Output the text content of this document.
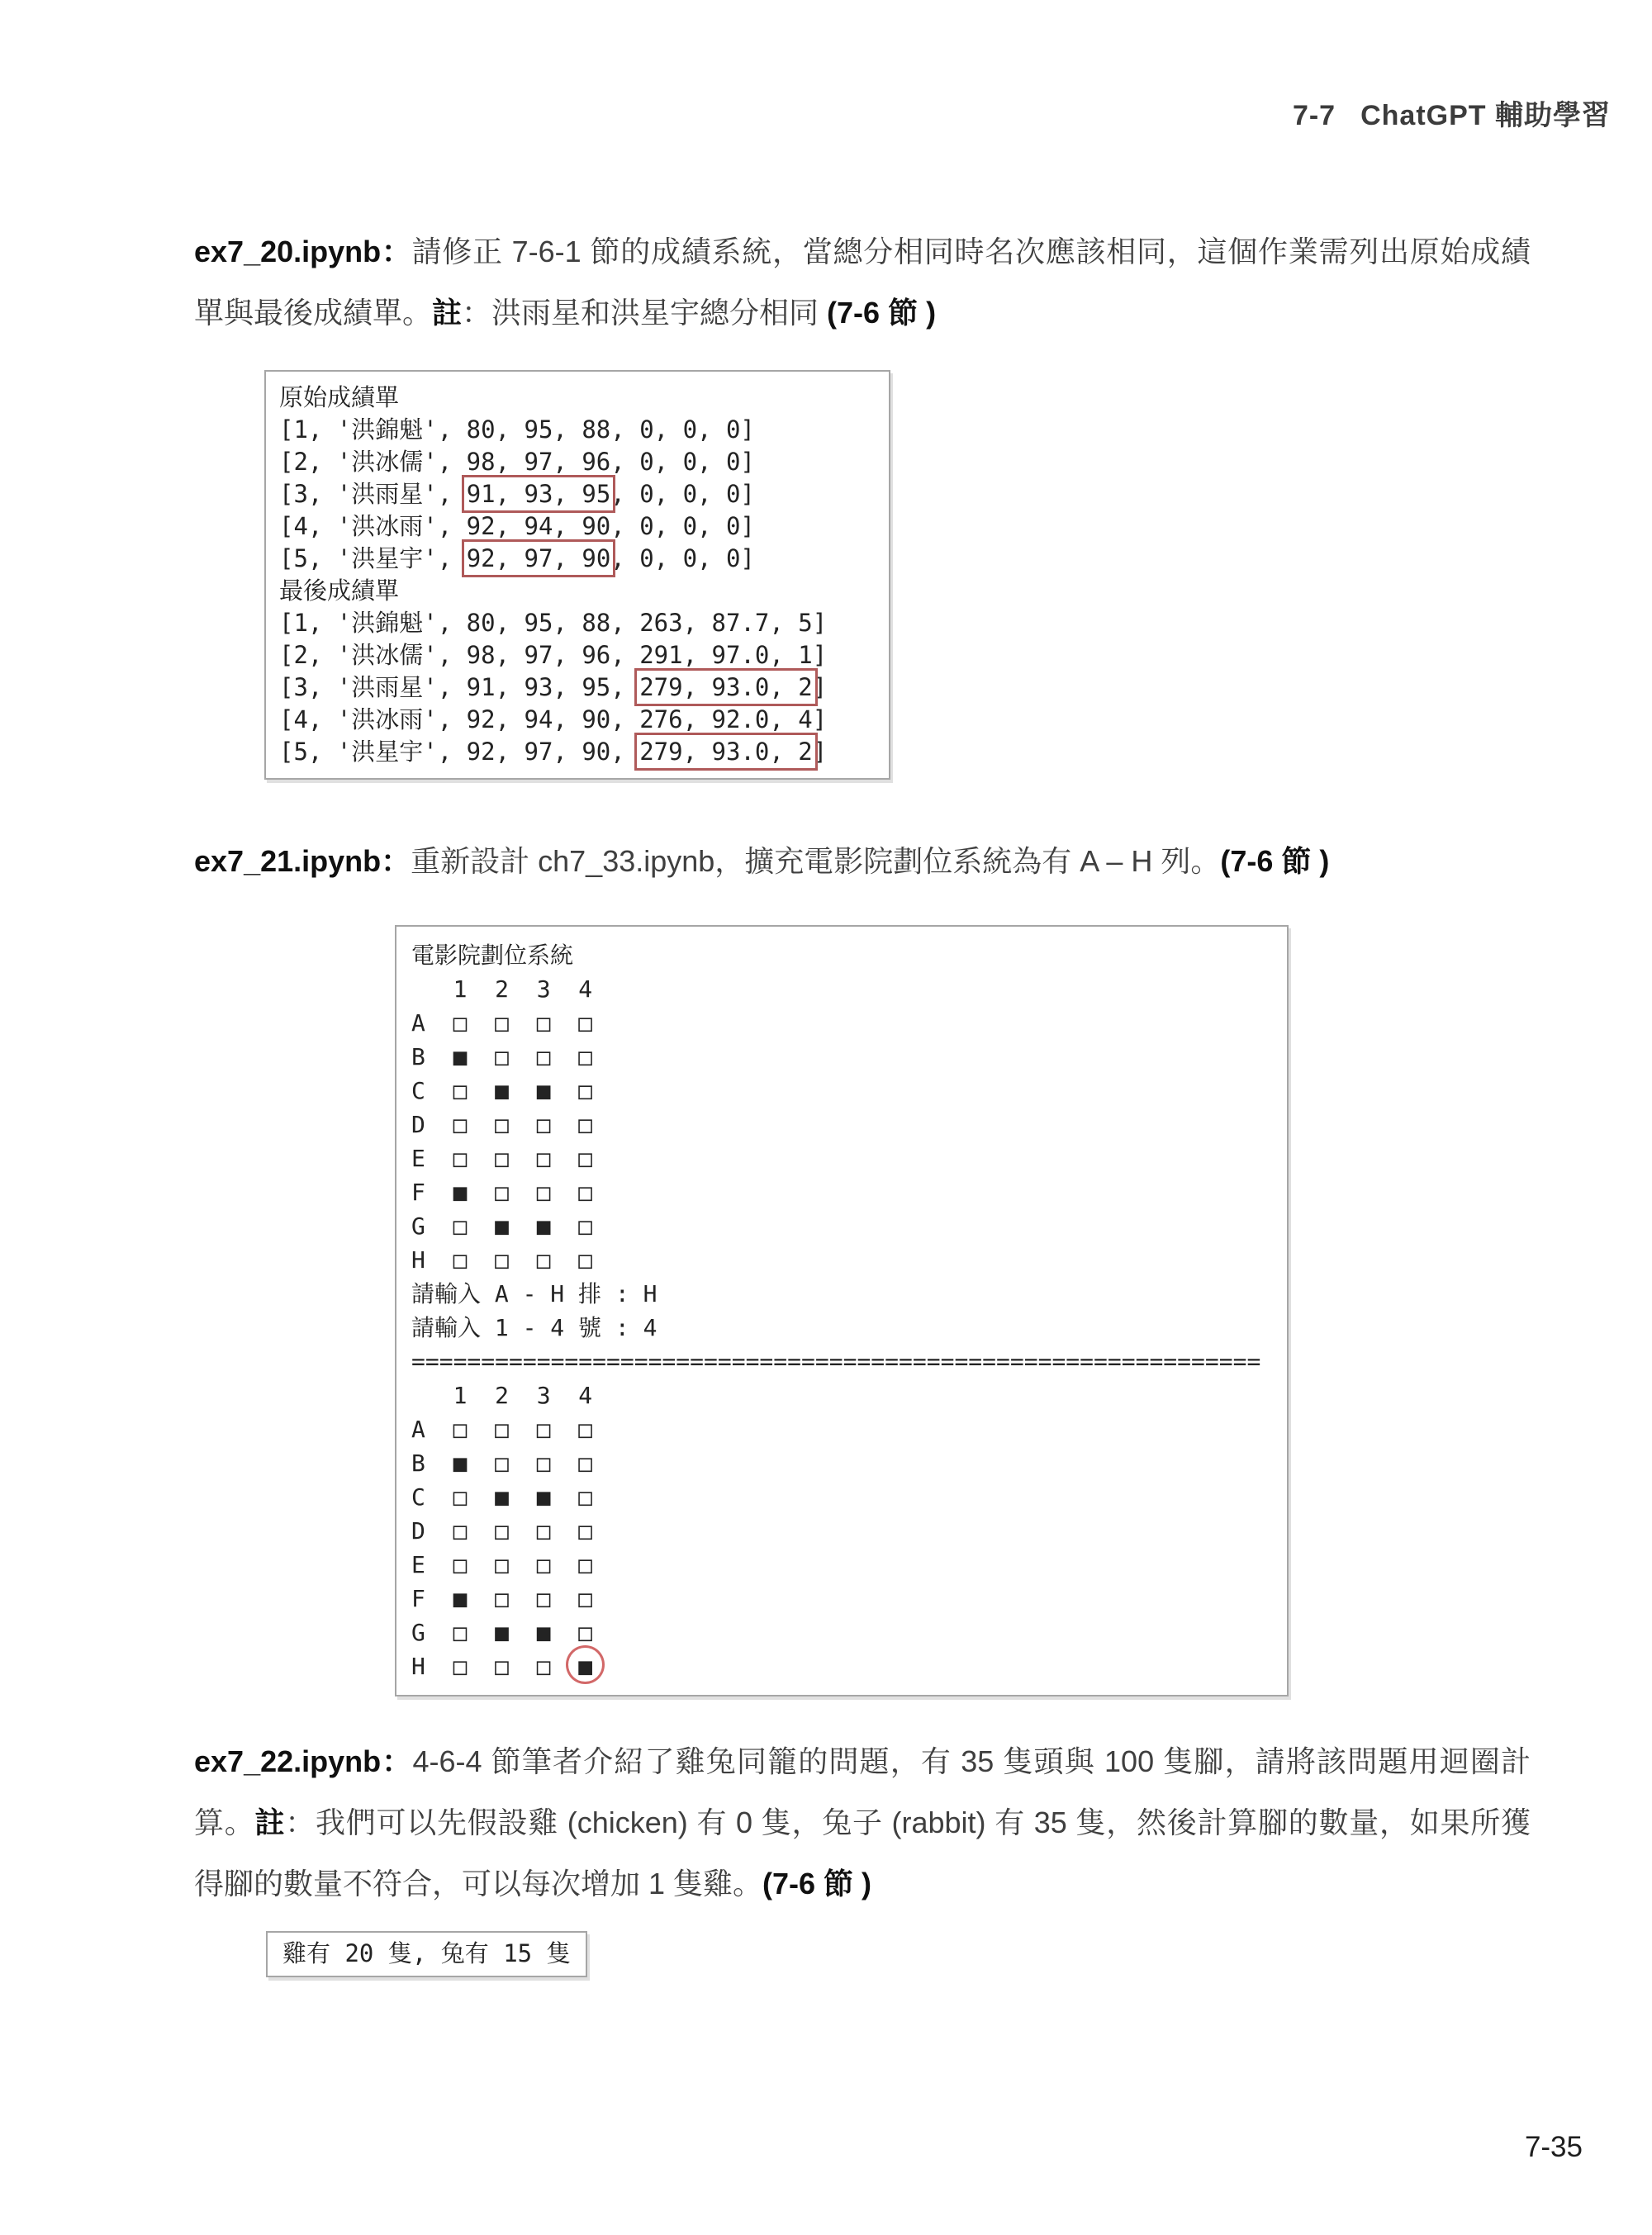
7-7 ChatGPT 輔助學習
ex7_20.ipynb：請修正 7-6-1 節的成績系統，當總分相同時名次應該相同，這個作業需列出原始成績單與最後成績單。註：洪雨星和洪星宇總分相同 (7-6 節 )
原始成績單
[1, '洪錦魁', 80, 95, 88, 0, 0, 0]
[2, '洪冰儒', 98, 97, 96, 0, 0, 0]
[3, '洪雨星', 91, 93, 95, 0, 0, 0]
[4, '洪冰雨', 92, 94, 90, 0, 0, 0]
[5, '洪星宇', 92, 97, 90, 0, 0, 0]
最後成績單
[1, '洪錦魁', 80, 95, 88, 263, 87.7, 5]
[2, '洪冰儒', 98, 97, 96, 291, 97.0, 1]
[3, '洪雨星', 91, 93, 95, 279, 93.0, 2]
[4, '洪冰雨', 92, 94, 90, 276, 92.0, 4]
[5, '洪星宇', 92, 97, 90, 279, 93.0, 2]
ex7_21.ipynb：重新設計 ch7_33.ipynb，擴充電影院劃位系統為有 A – H 列。(7-6 節 )
電影院劃位系統
1  2  3  4
A  □  □  □  □
B  ■  □  □  □
C  □  ■  ■  □
D  □  □  □  □
E  □  □  □  □
F  ■  □  □  □
G  □  ■  ■  □
H  □  □  □  □
請輸入 A - H 排 : H
請輸入 1 - 4 號 : 4
=============================================================
1  2  3  4
A  □  □  □  □
B  ■  □  □  □
C  □  ■  ■  □
D  □  □  □  □
E  □  □  □  □
F  ■  □  □  □
G  □  ■  ■  □
H  □  □  □  ■
ex7_22.ipynb：4-6-4 節筆者介紹了雞兔同籠的問題，有 35 隻頭與 100 隻腳，請將該問題用迴圈計算。註：我們可以先假設雞 (chicken) 有 0 隻，兔子 (rabbit) 有 35 隻，然後計算腳的數量，如果所獲得腳的數量不符合，可以每次增加 1 隻雞。(7-6 節 )
雞有 20 隻, 兔有 15 隻
7-35
